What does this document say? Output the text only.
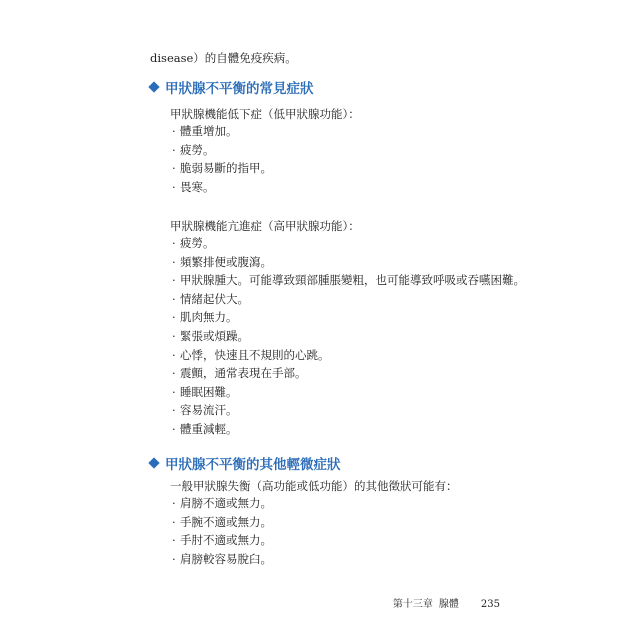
disease）的自體免疫疾病。
甲狀腺不平衡的常見症狀
甲狀腺機能低下症（低甲狀腺功能）：
· 體重增加。
· 疲勞。
· 脆弱易斷的指甲。
· 畏寒。
甲狀腺機能亢進症（高甲狀腺功能）：
· 疲勞。
· 頻繁排便或腹瀉。
· 甲狀腺腫大。可能導致頸部腫脹變粗，也可能導致呼吸或吞嚥困難。
· 情緒起伏大。
· 肌肉無力。
· 緊張或煩躁。
· 心悸，快速且不規則的心跳。
· 震顫，通常表現在手部。
· 睡眠困難。
· 容易流汗。
· 體重減輕。
甲狀腺不平衡的其他輕微症狀
一般甲狀腺失衡（高功能或低功能）的其他徵狀可能有：
· 肩膀不適或無力。
· 手腕不適或無力。
· 手肘不適或無力。
· 肩膀較容易脫臼。
第十三章 腺體 235
